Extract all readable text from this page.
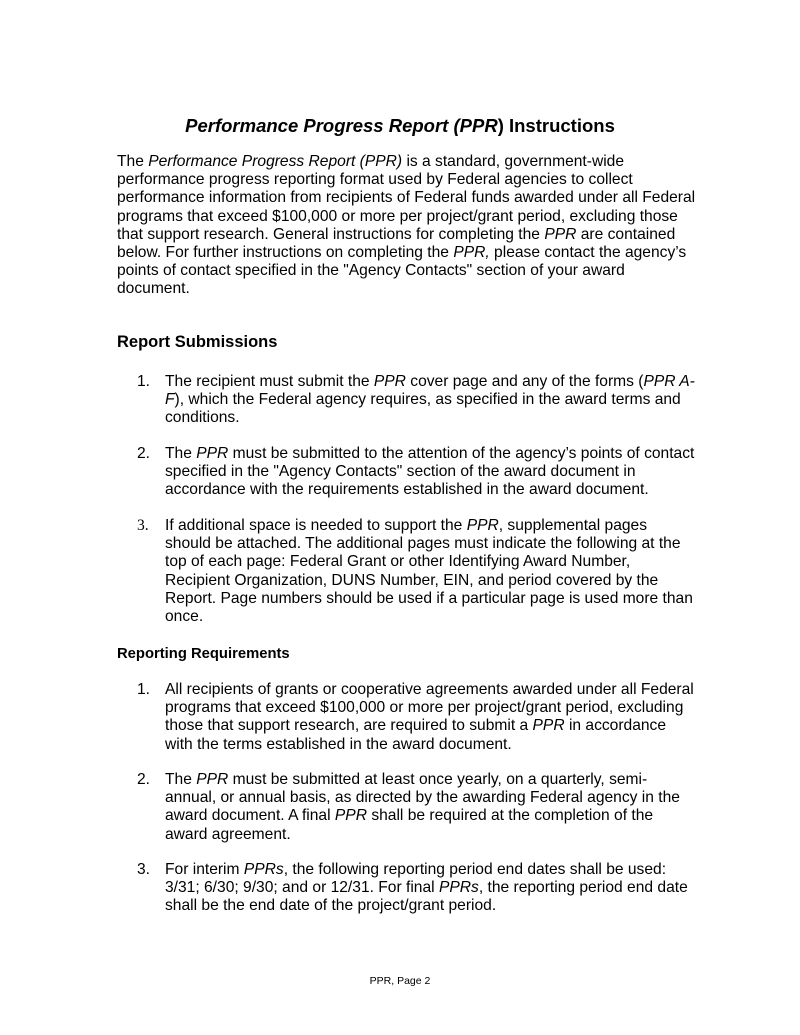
Performance Progress Report (PPR) Instructions
The Performance Progress Report (PPR) is a standard, government-wide performance progress reporting format used by Federal agencies to collect performance information from recipients of Federal funds awarded under all Federal programs that exceed $100,000 or more per project/grant period, excluding those that support research. General instructions for completing the PPR are contained below. For further instructions on completing the PPR, please contact the agency’s points of contact specified in the "Agency Contacts" section of your award document.
Report Submissions
1. The recipient must submit the PPR cover page and any of the forms (PPR A-F), which the Federal agency requires, as specified in the award terms and conditions.
2. The PPR must be submitted to the attention of the agency’s points of contact specified in the "Agency Contacts" section of the award document in accordance with the requirements established in the award document.
3. If additional space is needed to support the PPR, supplemental pages should be attached. The additional pages must indicate the following at the top of each page: Federal Grant or other Identifying Award Number, Recipient Organization, DUNS Number, EIN, and period covered by the Report. Page numbers should be used if a particular page is used more than once.
Reporting Requirements
1. All recipients of grants or cooperative agreements awarded under all Federal programs that exceed $100,000 or more per project/grant period, excluding those that support research, are required to submit a PPR in accordance with the terms established in the award document.
2. The PPR must be submitted at least once yearly, on a quarterly, semi-annual, or annual basis, as directed by the awarding Federal agency in the award document. A final PPR shall be required at the completion of the award agreement.
3. For interim PPRs, the following reporting period end dates shall be used: 3/31; 6/30; 9/30; and or 12/31. For final PPRs, the reporting period end date shall be the end date of the project/grant period.
PPR, Page 2
